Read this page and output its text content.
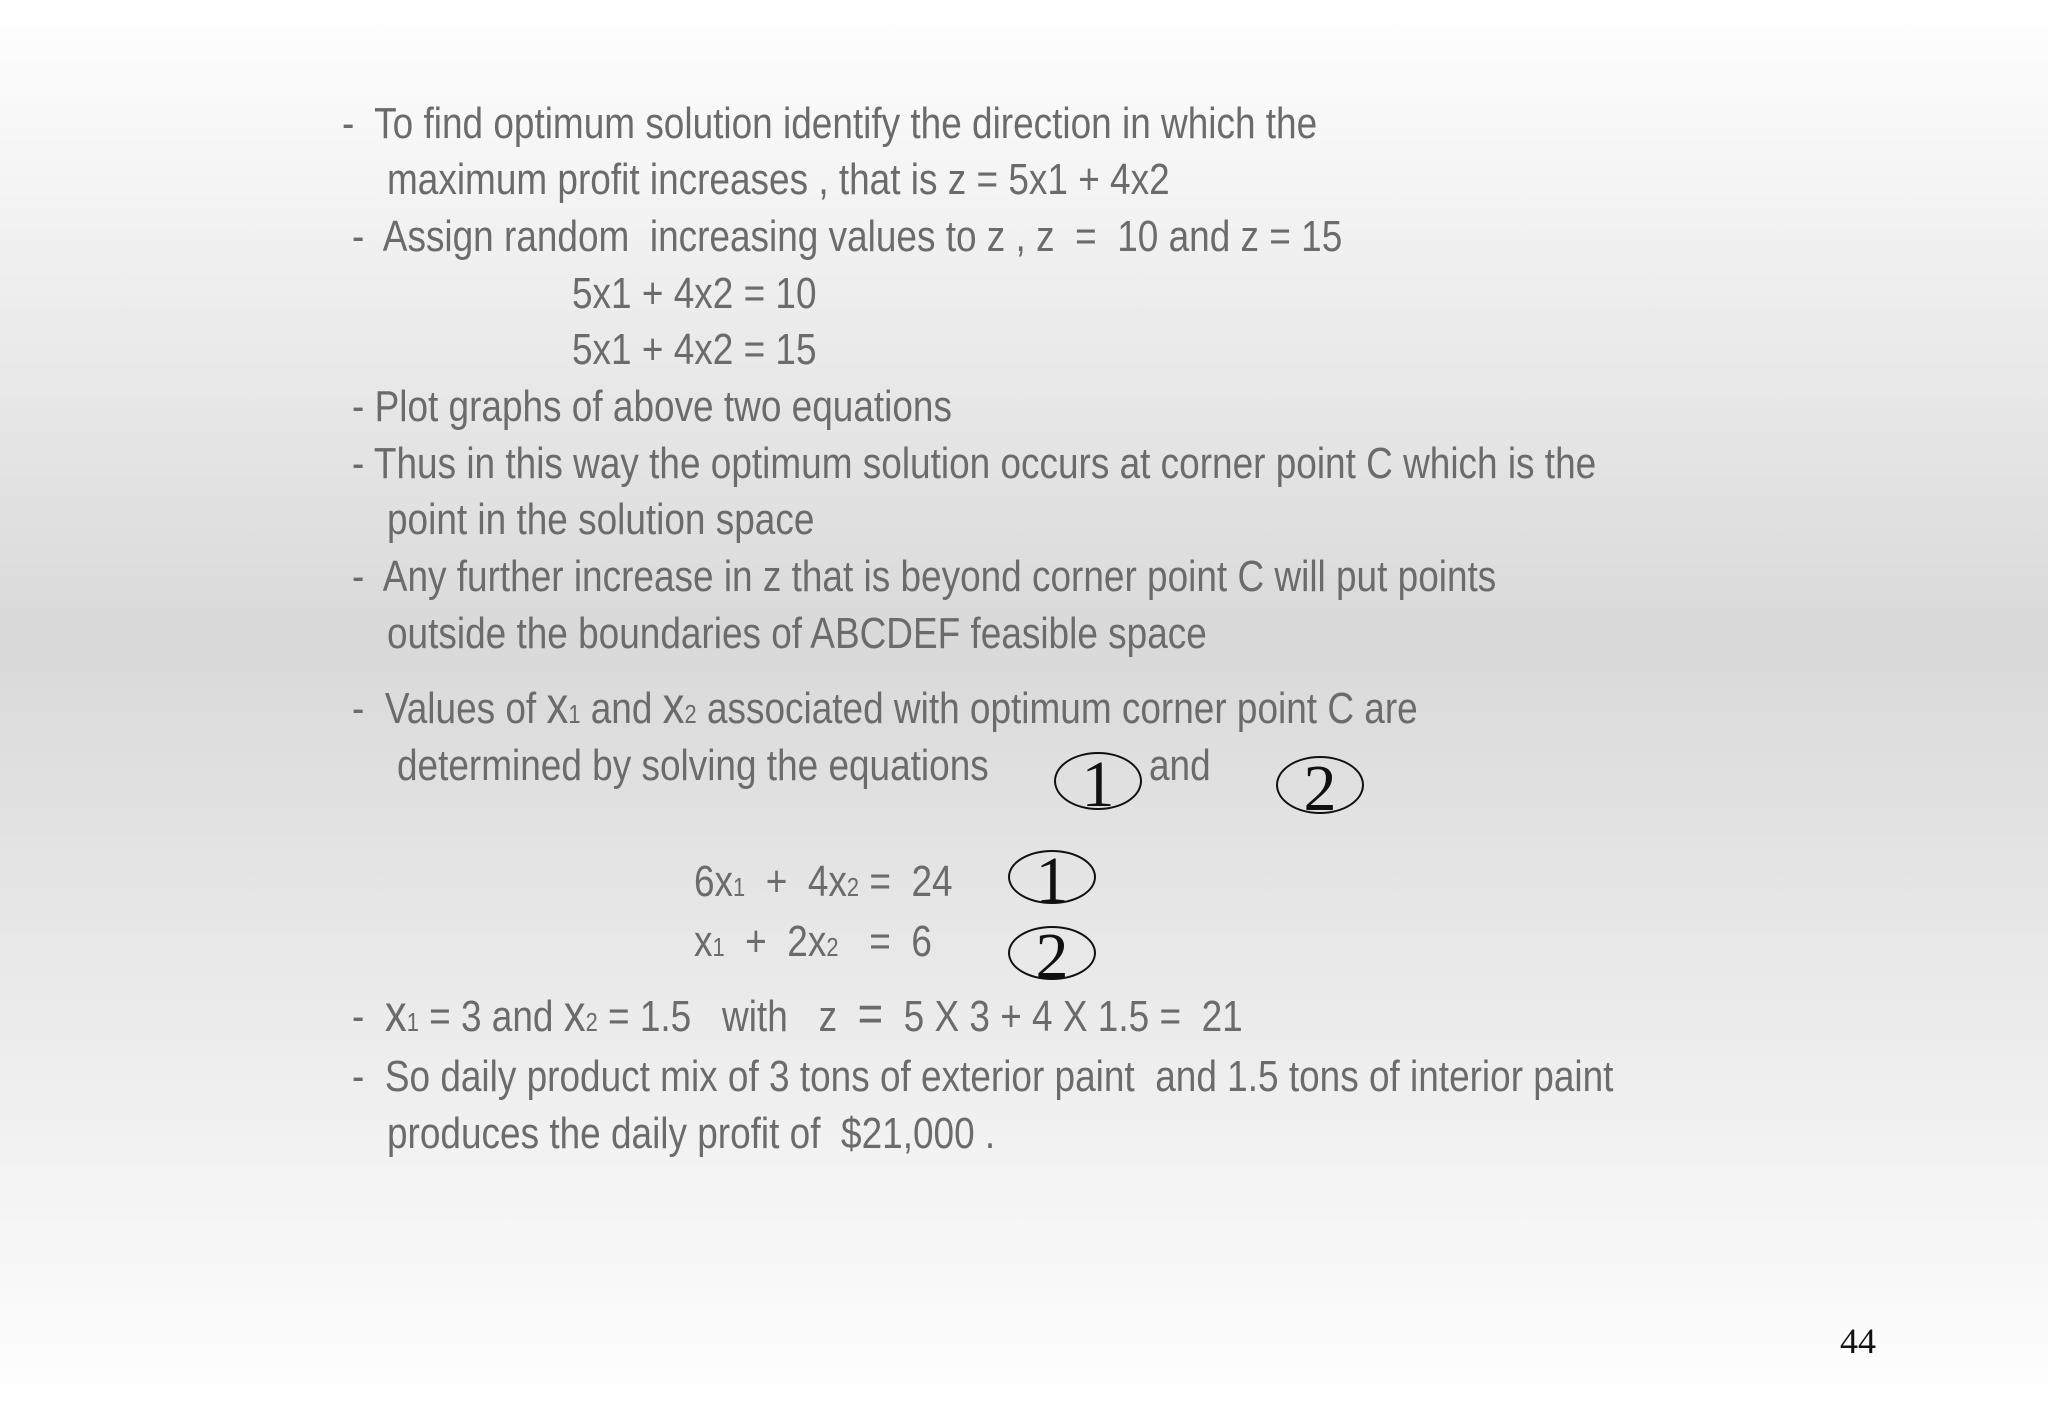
-  To find optimum solution identify the direction in which the

maximum profit increases , that is z = 5x1 + 4x2

-  Assign random  increasing values to z , z  =  10 and z = 15

5x1 + 4x2 = 10

5x1 + 4x2 = 15

- Plot graphs of above two equations

- Thus in this way the optimum solution occurs at corner point C which is the

point in the solution space

-  Any further increase in z that is beyond corner point C will put points

outside the boundaries of ABCDEF feasible space

-  Values of x1 and x2 associated with optimum corner point C are

determined by solving the equations 1 and 2

6x1  +  4x2 =  24 1

x1  +  2x2   =  6 2

-  x1 = 3 and x2 = 1.5   with   z  =  5 X 3 + 4 X 1.5 =  21

-  So daily product mix of 3 tons of exterior paint  and 1.5 tons of interior paint

produces the daily profit of  $21,000 .

44
